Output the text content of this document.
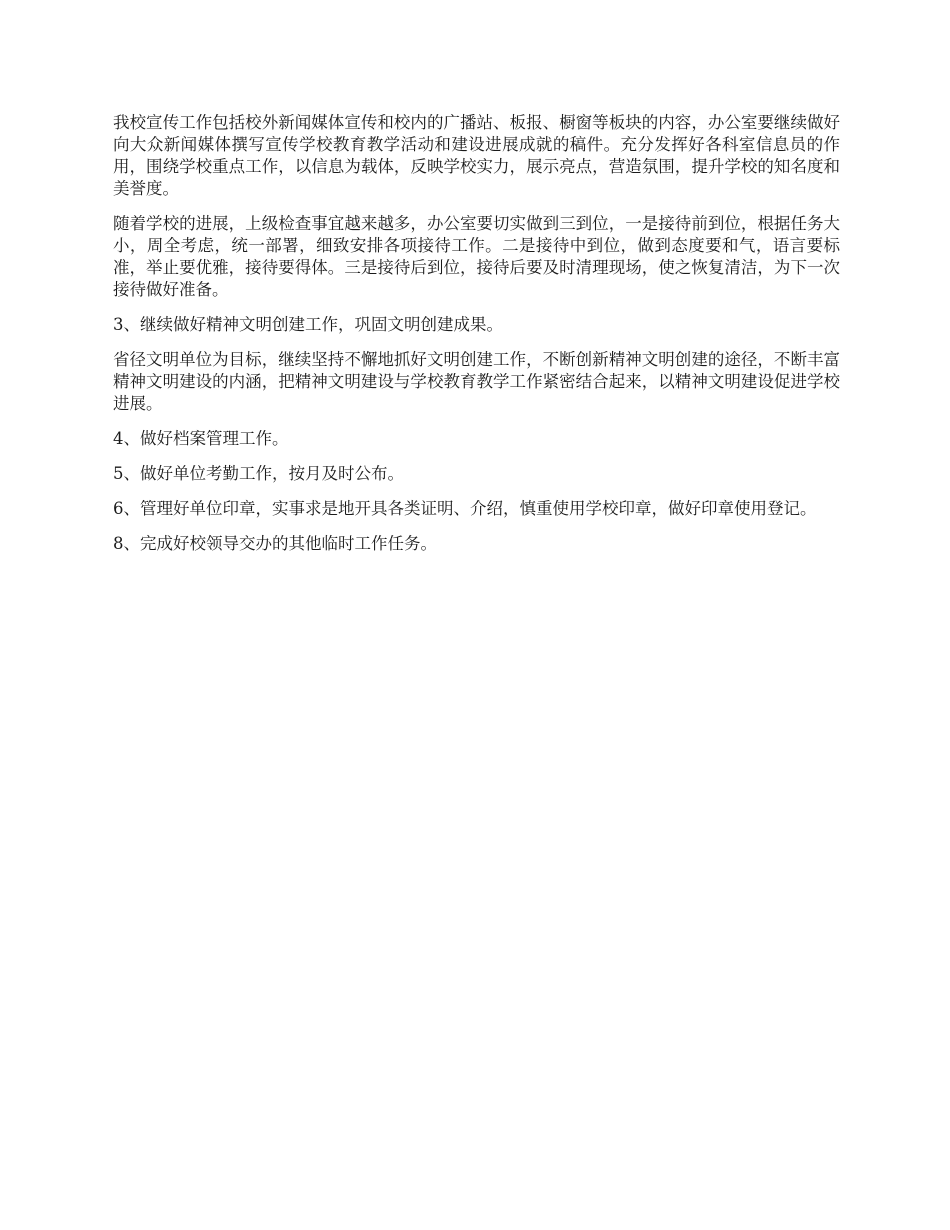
我校宣传工作包括校外新闻媒体宣传和校内的广播站、板报、橱窗等板块的内容，办公室要继续做好向大众新闻媒体撰写宣传学校教育教学活动和建设进展成就的稿件。充分发挥好各科室信息员的作用，围绕学校重点工作，以信息为载体，反映学校实力，展示亮点，营造氛围，提升学校的知名度和美誉度。

随着学校的进展，上级检查事宜越来越多，办公室要切实做到三到位，一是接待前到位，根据任务大小，周全考虑，统一部署，细致安排各项接待工作。二是接待中到位，做到态度要和气，语言要标准，举止要优雅，接待要得体。三是接待后到位，接待后要及时清理现场，使之恢复清洁，为下一次接待做好准备。

3、继续做好精神文明创建工作，巩固文明创建成果。

省径文明单位为目标，继续坚持不懈地抓好文明创建工作，不断创新精神文明创建的途径，不断丰富精神文明建设的内涵，把精神文明建设与学校教育教学工作紧密结合起来，以精神文明建设促进学校进展。

4、做好档案管理工作。

5、做好单位考勤工作，按月及时公布。

6、管理好单位印章，实事求是地开具各类证明、介绍，慎重使用学校印章，做好印章使用登记。

8、完成好校领导交办的其他临时工作任务。
